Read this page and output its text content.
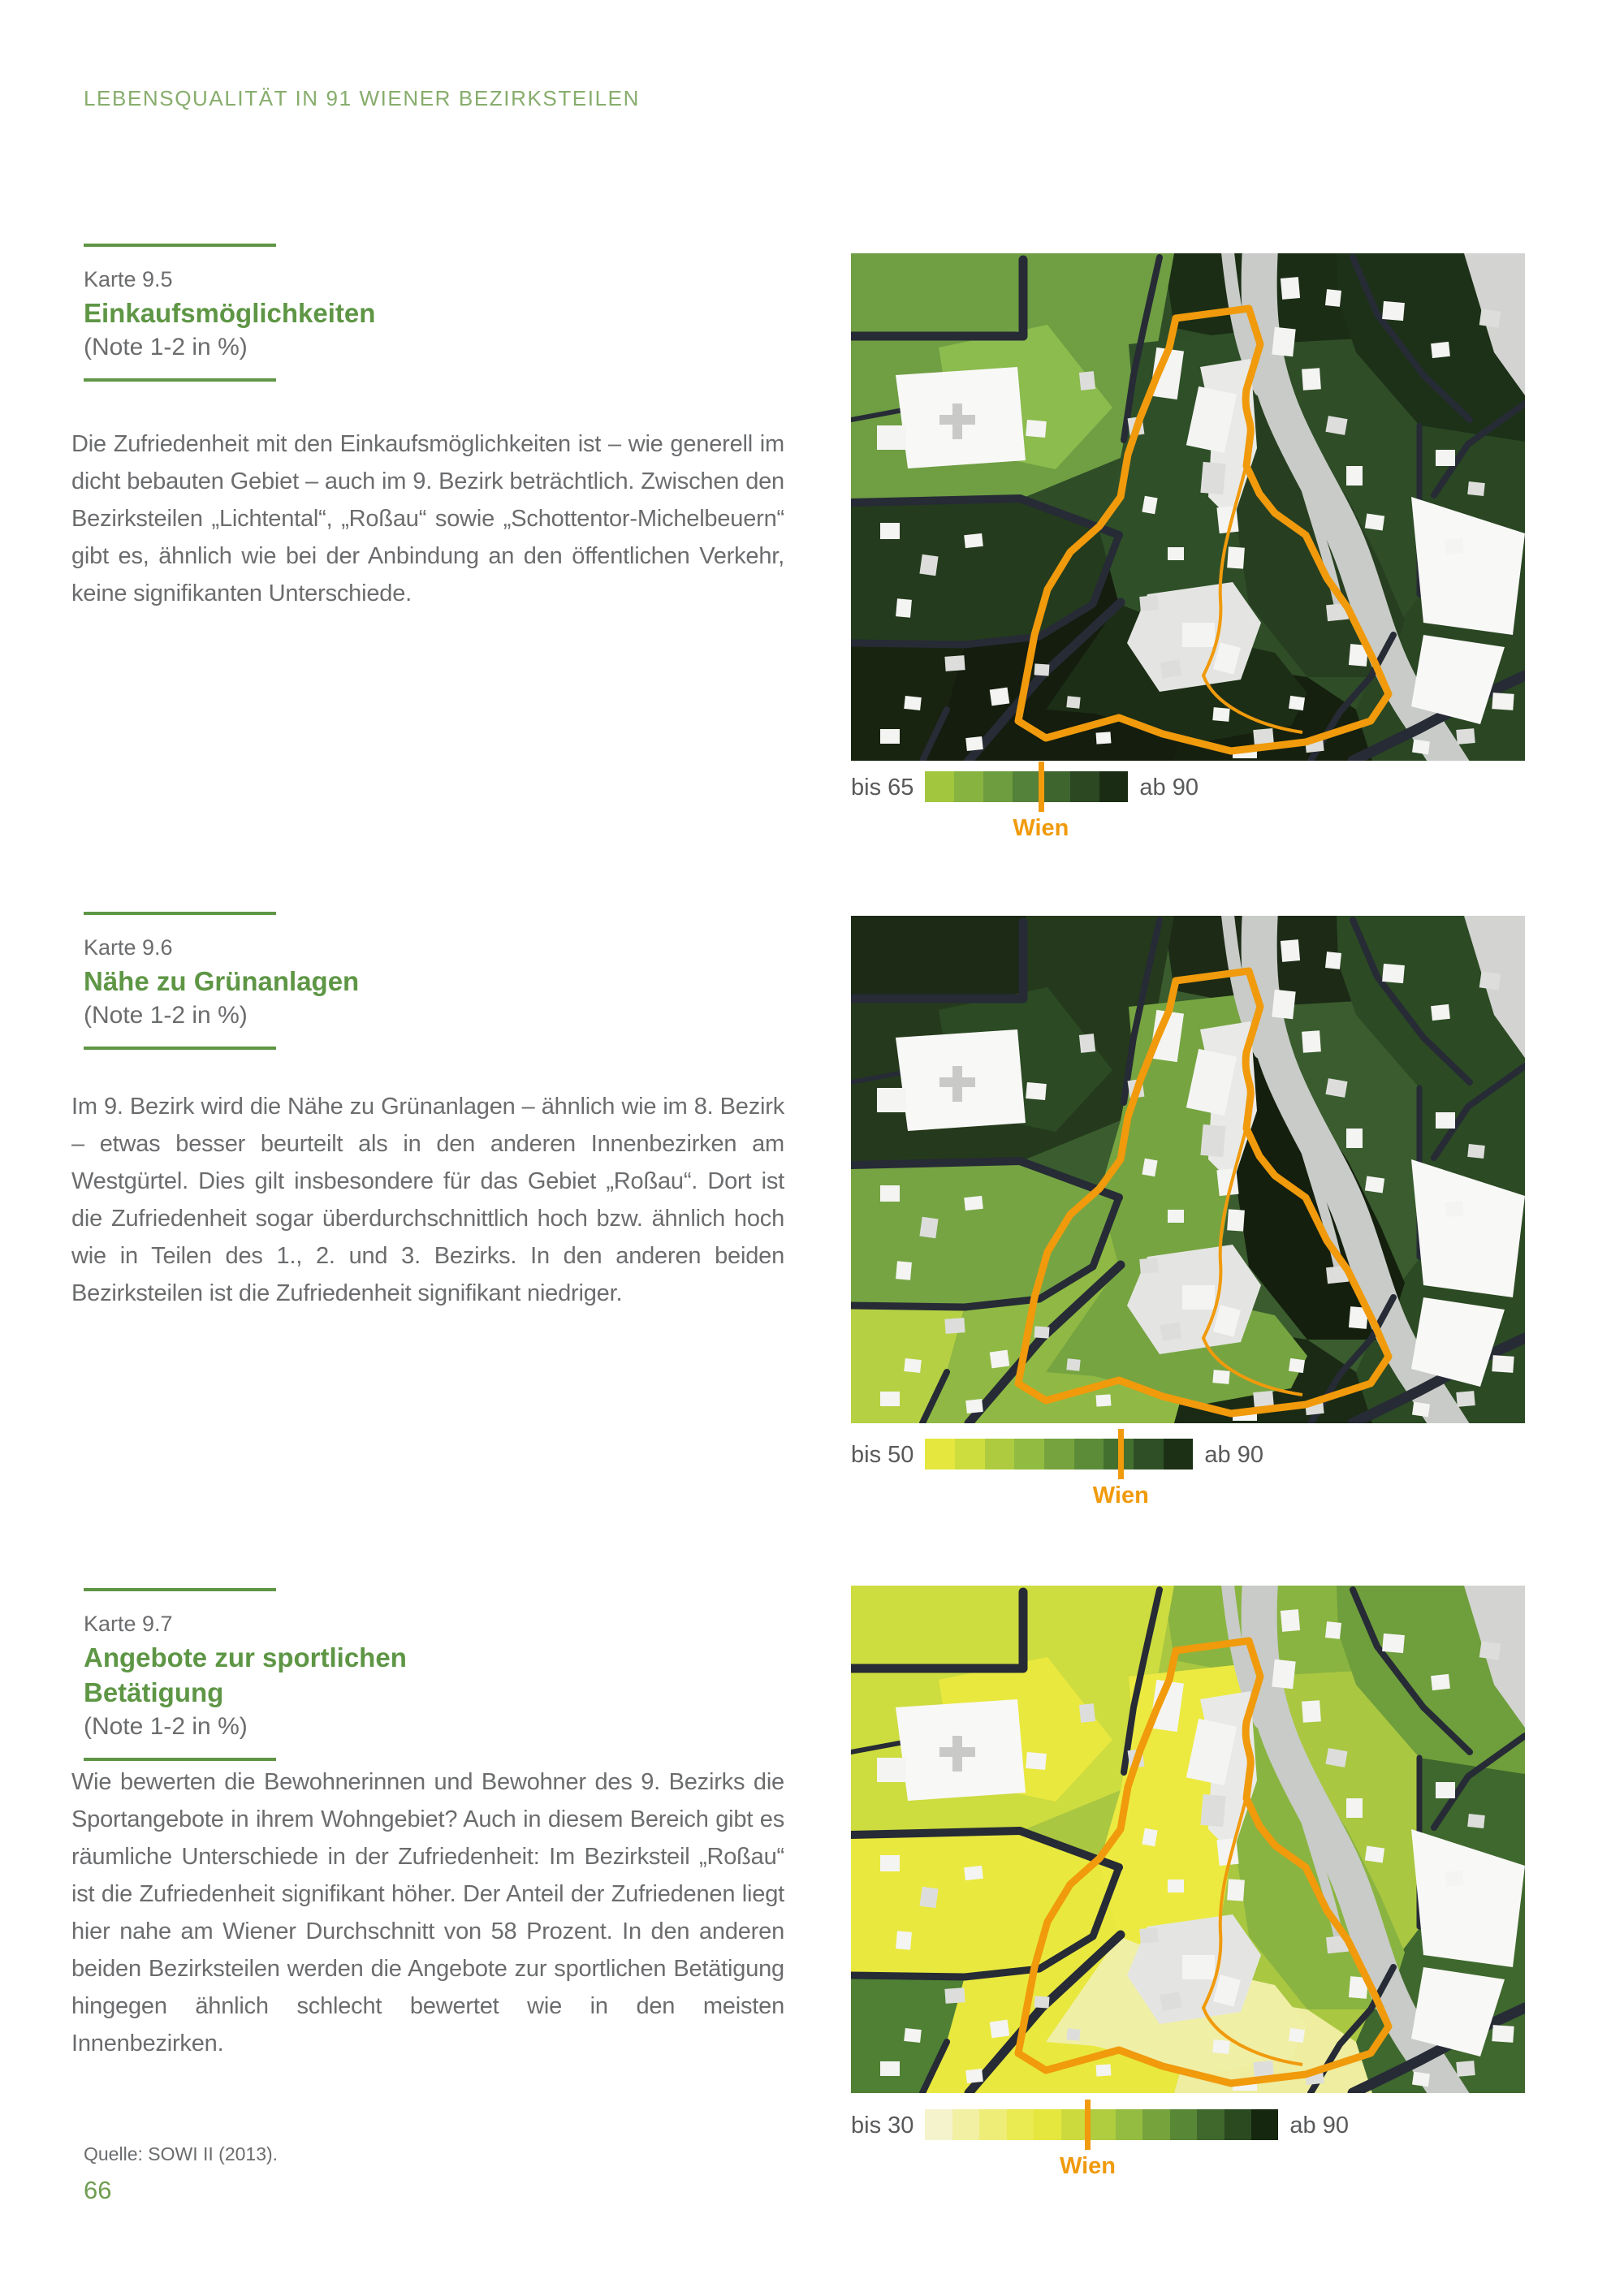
LEBENSQUALITÄT IN 91 WIENER BEZIRKSTEILEN
Karte 9.5
Einkaufsmöglichkeiten
(Note 1-2 in %)
Die Zufriedenheit mit den Einkaufsmöglichkeiten ist – wie generell im dicht bebauten Gebiet – auch im 9. Bezirk beträchtlich. Zwischen den Bezirksteilen „Lichtental“, „Roßau“ sowie „Schottentor-Michelbeuern“ gibt es, ähnlich wie bei der Anbindung an den öffentlichen Verkehr, keine signifikanten Unterschiede.
bis 65
Wien
ab 90
Karte 9.6
Nähe zu Grünanlagen
(Note 1-2 in %)
Im 9. Bezirk wird die Nähe zu Grünanlagen – ähnlich wie im 8. Bezirk – etwas besser beurteilt als in den anderen Innenbezirken am Westgürtel. Dies gilt insbesondere für das Gebiet „Roßau“. Dort ist die Zufriedenheit sogar überdurchschnittlich hoch bzw. ähnlich hoch wie in Teilen des 1., 2. und 3. Bezirks. In den anderen beiden Bezirksteilen ist die Zufriedenheit signifikant niedriger.
bis 50
Wien
ab 90
Karte 9.7
Angebote zur sportlichen Betätigung
(Note 1-2 in %)
Wie bewerten die Bewohnerinnen und Bewohner des 9. Bezirks die Sportangebote in ihrem Wohngebiet? Auch in diesem Bereich gibt es räumliche Unterschiede in der Zufriedenheit: Im Bezirksteil „Roßau“ ist die Zufriedenheit signifikant höher. Der Anteil der Zufriedenen liegt hier nahe am Wiener Durchschnitt von 58 Prozent. In den anderen beiden Bezirksteilen werden die Angebote zur sportlichen Betätigung hingegen ähnlich schlecht bewertet wie in den meisten Innenbezirken.
bis 30
Wien
ab 90
Quelle: SOWI II (2013).
66
